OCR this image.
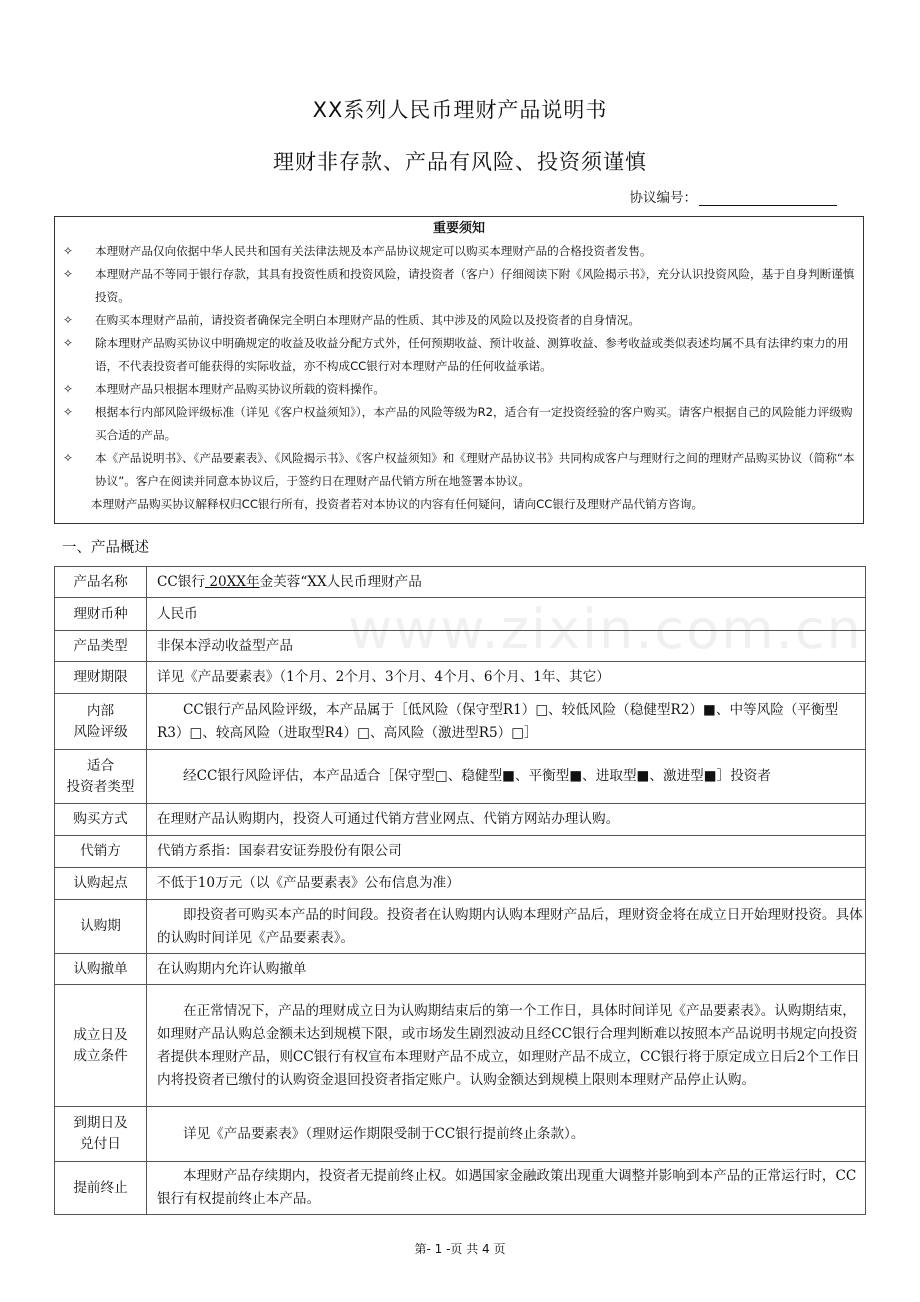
XX系列人民币理财产品说明书
理财非存款、产品有风险、投资须谨慎
协议编号：
重要须知
✧ 本理财产品仅向依据中华人民共和国有关法律法规及本产品协议规定可以购买本理财产品的合格投资者发售。
✧ 本理财产品不等同于银行存款，其具有投资性质和投资风险，请投资者（客户）仔细阅读下附《风险揭示书》，充分认识投资风险，基于自身判断谨慎投资。
✧ 在购买本理财产品前，请投资者确保完全明白本理财产品的性质、其中涉及的风险以及投资者的自身情况。
✧ 除本理财产品购买协议中明确规定的收益及收益分配方式外，任何预期收益、预计收益、测算收益、参考收益或类似表述均属不具有法律约束力的用语，不代表投资者可能获得的实际收益，亦不构成CC银行对本理财产品的任何收益承诺。
✧ 本理财产品只根据本理财产品购买协议所载的资料操作。
✧ 根据本行内部风险评级标准（详见《客户权益须知》），本产品的风险等级为R2，适合有一定投资经验的客户购买。请客户根据自己的风险能力评级购买合适的产品。
✧ 本《产品说明书》、《产品要素表》、《风险揭示书》、《客户权益须知》和《理财产品协议书》共同构成客户与理财行之间的理财产品购买协议（简称“本协议”。客户在阅读并同意本协议后，于签约日在理财产品代销方所在地签署本协议。
本理财产品购买协议解释权归CC银行所有，投资者若对本协议的内容有任何疑问，请向CC银行及理财产品代销方咨询。
一、产品概述
www.zixin.com.cn
产品名称	CC银行 20XX年金芙蓉“XX人民币理财产品
理财币种	人民币
产品类型	非保本浮动收益型产品
理财期限	详见《产品要素表》（1个月、2个月、3个月、4个月、6个月、1年、其它）

内部
风险评级	CC银行产品风险评级，本产品属于［低风险（保守型R1）□、较低风险（稳健型R2）■、中等风险（平衡型R3）□、较高风险（进取型R4）□、高风险（激进型R5）□］

适合
投资者类型	经CC银行风险评估，本产品适合［保守型□、稳健型■、平衡型■、进取型■、激进型■］投资者
购买方式	在理财产品认购期内，投资人可通过代销方营业网点、代销方网站办理认购。
代销方	代销方系指：国泰君安证券股份有限公司
认购起点	不低于10万元（以《产品要素表》公布信息为准）
认购期	即投资者可购买本产品的时间段。投资者在认购期内认购本理财产品后，理财资金将在成立日开始理财投资。具体的认购时间详见《产品要素表》。
认购撤单	在认购期内允许认购撤单

成立日及
成立条件	在正常情况下，产品的理财成立日为认购期结束后的第一个工作日，具体时间详见《产品要素表》。认购期结束，如理财产品认购总金额未达到规模下限，或市场发生剧烈波动且经CC银行合理判断难以按照本产品说明书规定向投资者提供本理财产品，则CC银行有权宣布本理财产品不成立，如理财产品不成立，CC银行将于原定成立日后2个工作日内将投资者已缴付的认购资金退回投资者指定账户。认购金额达到规模上限则本理财产品停止认购。

到期日及
兑付日	详见《产品要素表》（理财运作期限受制于CC银行提前终止条款）。
提前终止	本理财产品存续期内，投资者无提前终止权。如遇国家金融政策出现重大调整并影响到本产品的正常运行时，CC银行有权提前终止本产品。
第- 1 -页 共 4 页
